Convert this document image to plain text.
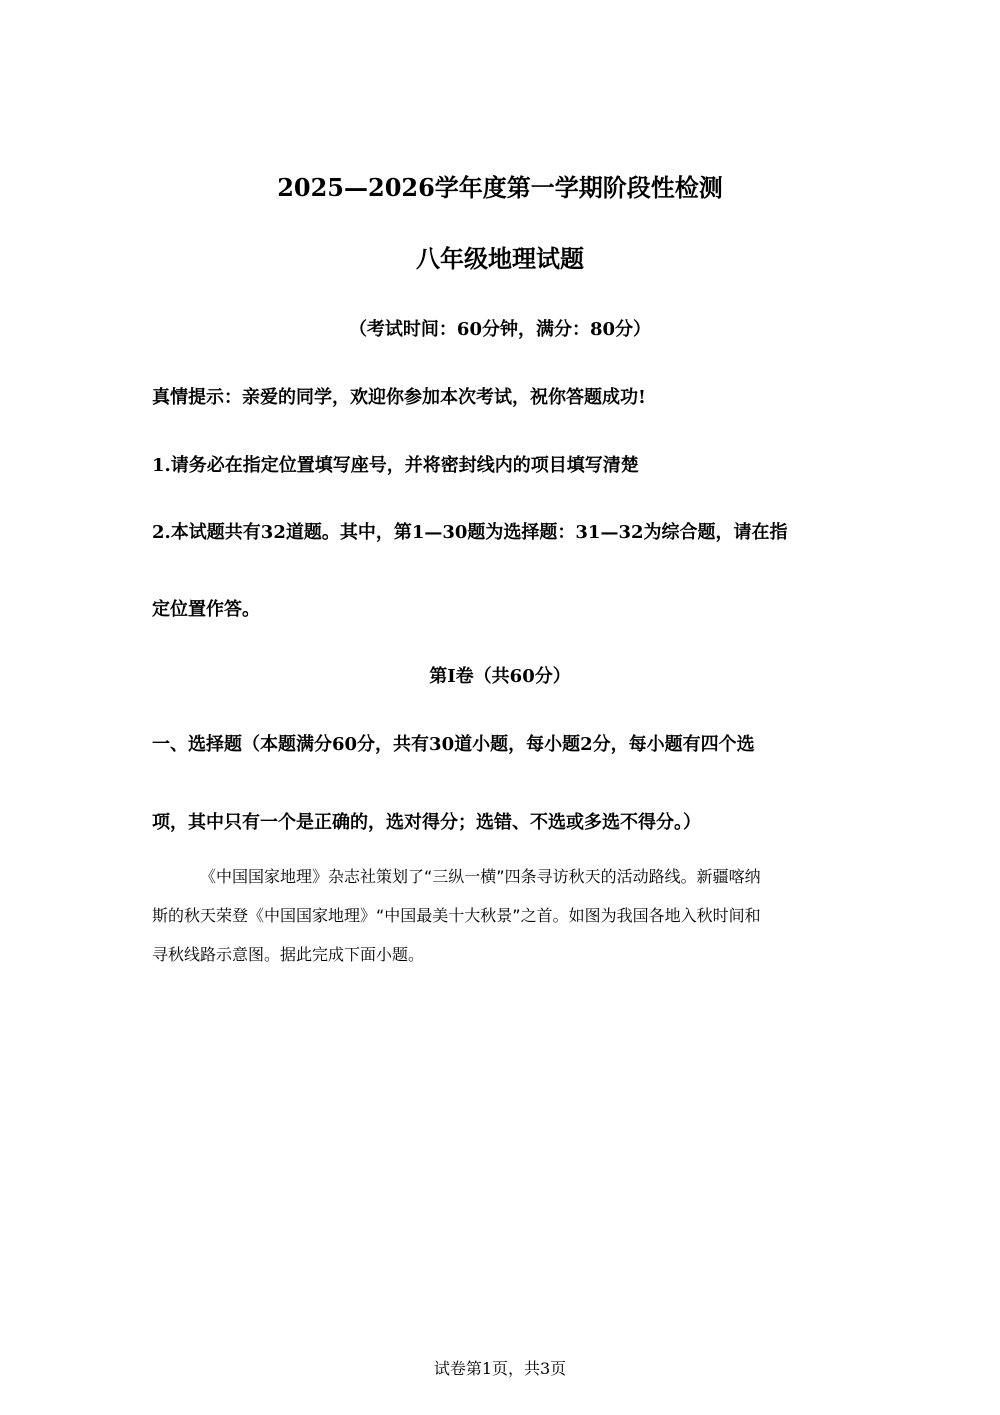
2025—2026学年度第一学期阶段性检测

八年级地理试题

（考试时间：60分钟，满分：80分）

真情提示：亲爱的同学，欢迎你参加本次考试，祝你答题成功!

1.请务必在指定位置填写座号，并将密封线内的项目填写清楚

2.本试题共有32道题。其中，第1—30题为选择题：31—32为综合题，请在指

定位置作答。

第Ⅰ卷（共60分）

一、选择题（本题满分60分，共有30道小题，每小题2分，每小题有四个选

项，其中只有一个是正确的，选对得分；选错、不选或多选不得分。）

《中国国家地理》杂志社策划了“三纵一横”四条寻访秋天的活动路线。新疆喀纳

斯的秋天荣登《中国国家地理》“中国最美十大秋景”之首。如图为我国各地入秋时间和

寻秋线路示意图。据此完成下面小题。

试卷第1页，共3页
